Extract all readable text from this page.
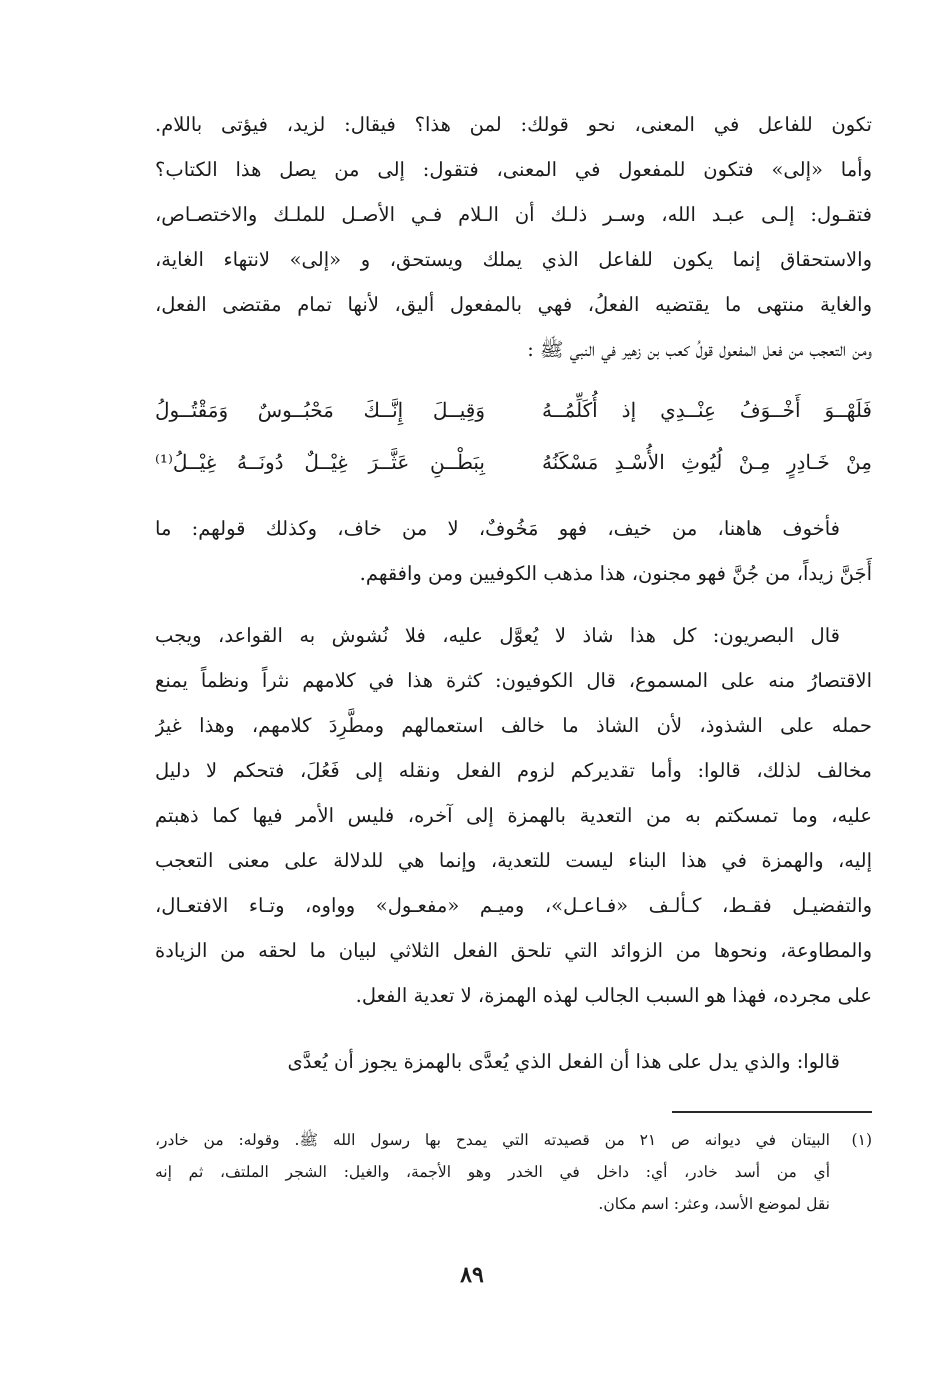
تكون للفاعل في المعنى، نحو قولك: لمن هذا؟ فيقال: لزيد، فيؤتى باللام.
وأما «إلى» فتكون للمفعول في المعنى، فتقول: إلى من يصل هذا الكتاب؟
فتقـول: إلـى عبـد الله، وسـر ذلـك أن الـلام فـي الأصـل للملـك والاختصـاص،
والاستحقاق إنما يكون للفاعل الذي يملك ويستحق، و «إلى» لانتهاء الغاية،
والغاية منتهى ما يقتضيه الفعلُ، فهي بالمفعول أليق، لأنها تمام مقتضى الفعل،
ومن التعجب من فعل المفعول قولُ كعب بن زهير في النبي ﷺ :
فَلَهْــوَ أَخْــوَفُ عِنْــدِي إذ أُكَلِّمُــهُ
وَقِيــلَ إِنَّــكَ مَحْبُــوسٌ وَمَقْتُــولُ
مِنْ خَـادِرٍ مِـنْ لُيُوثِ الأُسْـدِ مَسْكَنُهُ
بِبَطْــنِ عَثَّــرَ غِيْــلٌ دُونَــهُ غِيْــلُ⁽¹⁾
فأخوف هاهنا، من خيف، فهو مَخُوفٌ، لا من خاف، وكذلك قولهم: ما
أَجَنَّ زيداً، من جُنَّ فهو مجنون، هذا مذهب الكوفيين ومن وافقهم.
قال البصريون: كل هذا شاذ لا يُعوَّل عليه، فلا نُشوش به القواعد، ويجب
الاقتصارُ منه على المسموع، قال الكوفيون: كثرة هذا في كلامهم نثراً ونظماً يمنع
حمله على الشذوذ، لأن الشاذ ما خالف استعمالهم ومطَّرِدَ كلامهم، وهذا غيرُ
مخالف لذلك، قالوا: وأما تقديركم لزوم الفعل ونقله إلى فَعُلَ، فتحكم لا دليل
عليه، وما تمسكتم به من التعدية بالهمزة إلى آخره، فليس الأمر فيها كما ذهبتم
إليه، والهمزة في هذا البناء ليست للتعدية، وإنما هي للدلالة على معنى التعجب
والتفضيـل فقـط، كـألـف «فـاعـل»، وميـم «مفعـول» وواوه، وتـاء الافتعـال،
والمطاوعة، ونحوها من الزوائد التي تلحق الفعل الثلاثي لبيان ما لحقه من الزيادة
على مجرده، فهذا هو السبب الجالب لهذه الهمزة، لا تعدية الفعل.
قالوا: والذي يدل على هذا أن الفعل الذي يُعدَّى بالهمزة يجوز أن يُعدَّى
(١)
البيتان في ديوانه ص ٢١ من قصيدته التي يمدح بها رسول الله ﷺ. وقوله: من خادر،
أي من أسد خادر، أي: داخل في الخدر وهو الأجمة، والغيل: الشجر الملتف، ثم إنه
نقل لموضع الأسد، وعثر: اسم مكان.
٨٩
